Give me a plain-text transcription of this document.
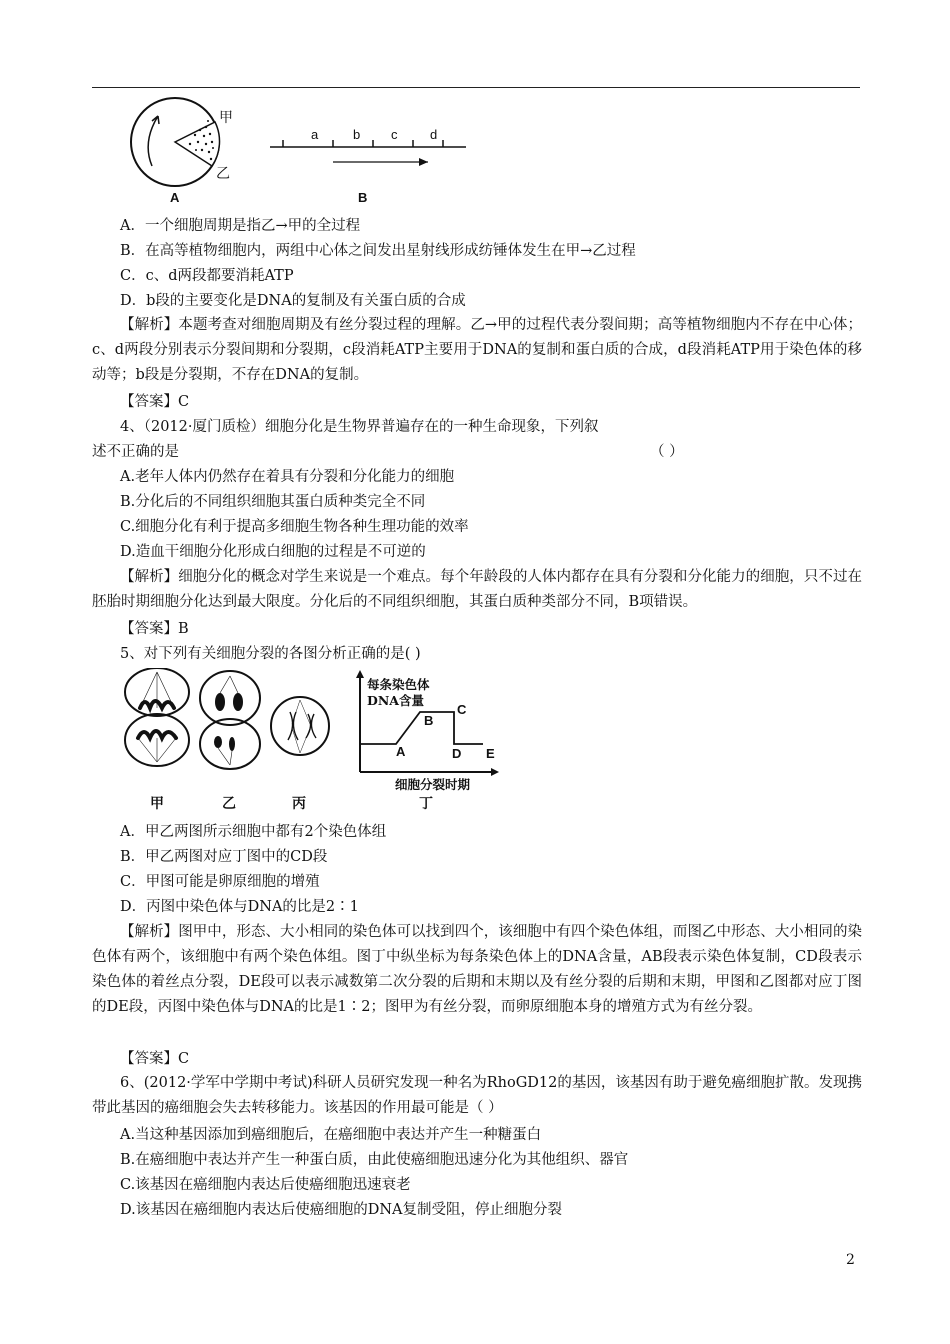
A	B
甲
乙
a	b c	d
A．一个细胞周期是指乙→甲的全过程
B．在高等植物细胞内，两组中心体之间发出星射线形成纺锤体发生在甲→乙过程
C．c、d两段都要消耗ATP
D．b段的主要变化是DNA的复制及有关蛋白质的合成
【解析】本题考查对细胞周期及有丝分裂过程的理解。乙→甲的过程代表分裂间期；高等植物细胞内不存在中心体；c、d两段分别表示分裂间期和分裂期，c段消耗ATP主要用于DNA的复制和蛋白质的合成，d段消耗ATP用于染色体的移动等；b段是分裂期，不存在DNA的复制。
【答案】C
4、（2012·厦门质检）细胞分化是生物界普遍存在的一种生命现象，下列叙
述不正确的是	（ ）
A.老年人体内仍然存在着具有分裂和分化能力的细胞
B.分化后的不同组织细胞其蛋白质种类完全不同
C.细胞分化有利于提高多细胞生物各种生理功能的效率
D.造血干细胞分化形成白细胞的过程是不可逆的
【解析】细胞分化的概念对学生来说是一个难点。每个年龄段的人体内都存在具有分裂和分化能力的细胞，只不过在胚胎时期细胞分化达到最大限度。分化后的不同组织细胞，其蛋白质种类部分不同，B项错误。
【答案】B
5、对下列有关细胞分裂的各图分析正确的是( )
甲	乙	丙	丁
每条染色体
DNA含量
细胞分裂时期
A
B
C
D E
A．甲乙两图所示细胞中都有2个染色体组
B．甲乙两图对应丁图中的CD段
C．甲图可能是卵原细胞的增殖
D．丙图中染色体与DNA的比是2∶1
【解析】图甲中，形态、大小相同的染色体可以找到四个，该细胞中有四个染色体组，而图乙中形态、大小相同的染色体有两个，该细胞中有两个染色体组。图丁中纵坐标为每条染色体上的DNA含量，AB段表示染色体复制，CD段表示染色体的着丝点分裂，DE段可以表示减数第二次分裂的后期和末期以及有丝分裂的后期和末期，甲图和乙图都对应丁图的DE段，丙图中染色体与DNA的比是1∶2；图甲为有丝分裂，而卵原细胞本身的增殖方式为有丝分裂。
【答案】C
6、(2012·学军中学期中考试)科研人员研究发现一种名为RhoGD12的基因，该基因有助于避免癌细胞扩散。发现携带此基因的癌细胞会失去转移能力。该基因的作用最可能是（ ）
A.当这种基因添加到癌细胞后，在癌细胞中表达并产生一种糖蛋白
B.在癌细胞中表达并产生一种蛋白质，由此使癌细胞迅速分化为其他组织、器官
C.该基因在癌细胞内表达后使癌细胞迅速衰老
D.该基因在癌细胞内表达后使癌细胞的DNA复制受阻，停止细胞分裂
2
